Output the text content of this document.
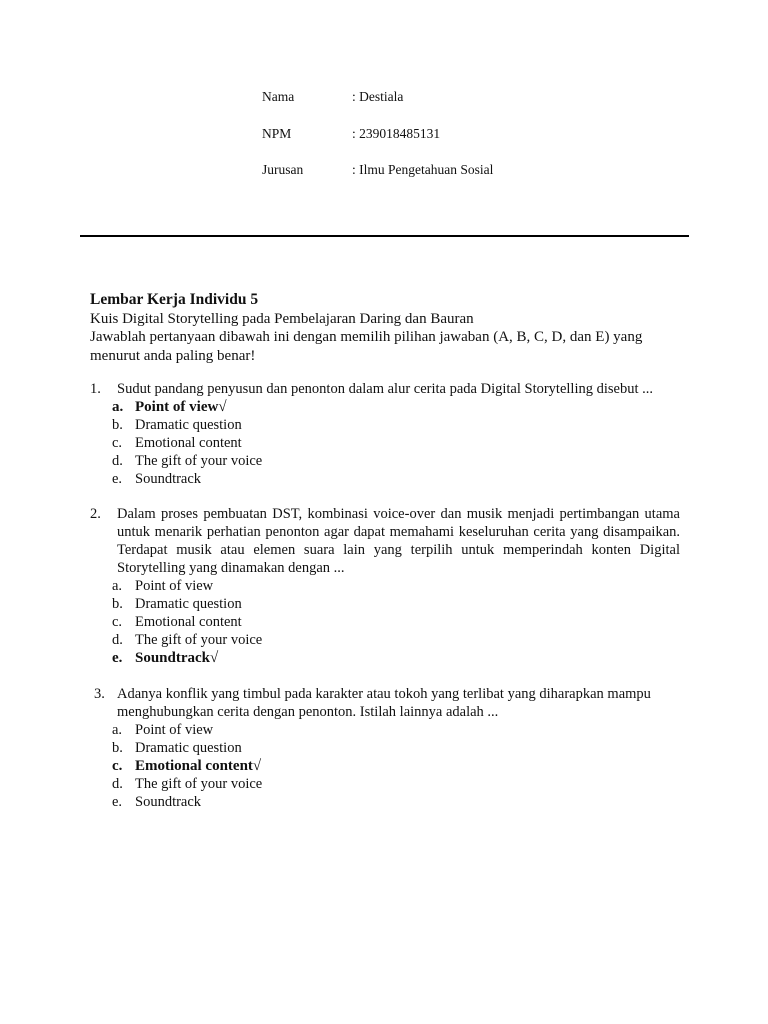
Nama	: Destiala
NPM	: 239018485131
Jurusan	: Ilmu Pengetahuan Sosial
Lembar Kerja Individu 5
Kuis Digital Storytelling pada Pembelajaran Daring dan Bauran
Jawablah pertanyaan dibawah ini dengan memilih pilihan jawaban (A, B, C, D, dan E) yang menurut anda paling benar!
1. Sudut pandang penyusun dan penonton dalam alur cerita pada Digital Storytelling disebut ...
a. Point of view√
b. Dramatic question
c. Emotional content
d. The gift of your voice
e. Soundtrack
2. Dalam proses pembuatan DST, kombinasi voice-over dan musik menjadi pertimbangan utama untuk menarik perhatian penonton agar dapat memahami keseluruhan cerita yang disampaikan. Terdapat musik atau elemen suara lain yang terpilih untuk memperindah konten Digital Storytelling yang dinamakan dengan ...
a. Point of view
b. Dramatic question
c. Emotional content
d. The gift of your voice
e. Soundtrack√
3. Adanya konflik yang timbul pada karakter atau tokoh yang terlibat yang diharapkan mampu menghubungkan cerita dengan penonton. Istilah lainnya adalah ...
a. Point of view
b. Dramatic question
c. Emotional content√
d. The gift of your voice
e. Soundtrack
